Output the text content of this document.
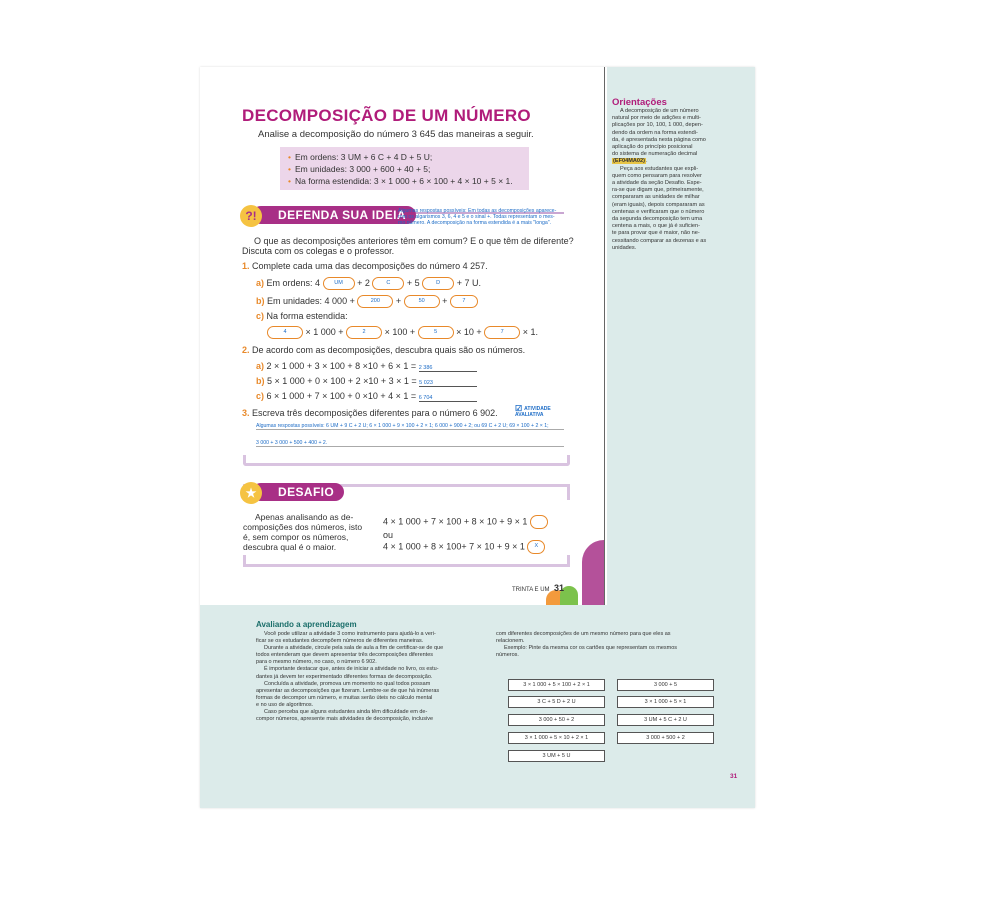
DECOMPOSIÇÃO DE UM NÚMERO
Analise a decomposição do número 3 645 das maneiras a seguir.
• Em ordens: 3 UM + 6 C + 4 D + 5 U;
• Em unidades: 3 000 + 600 + 40 + 5;
• Na forma estendida: 3 × 1 000 + 6 × 100 + 4 × 10 + 5 × 1.
DEFENDA SUA IDEIA
?!	Algumas respostas possíveis: Em todas as decomposições aparece-
rom os algarismos 3, 6, 4 e 5 e o sinal +. Todas representam o mes-
mo número. A decomposição na forma estendida é a mais "longa".
O que as decomposições anteriores têm em comum? E o que têm de diferente?
Discuta com os colegas e o professor.
1. Complete cada uma das decomposições do número 4 257.
a) Em ordens: 4	UM + 2	C + 5	D + 7 U.
b) Em unidades: 4 000 +	200 +	50 +	7
c) Na forma estendida:
4 × 1 000 +	2 × 100 +	5 × 10 +	7 × 1.
2. De acordo com as decomposições, descubra quais são os números.
a) 2 × 1 000 + 3 × 100 + 8 ×10 + 6 × 1 = 2 386
b) 5 × 1 000 + 0 × 100 + 2 ×10 + 3 × 1 = 5 023
c) 6 × 1 000 + 7 × 100 + 0 ×10 + 4 × 1 = 6 704
3. Escreva três decomposições diferentes para o número 6 902. ☑ ATIVIDADE AVALIATIVA
Algumas respostas possíveis: 6 UM + 9 C + 2 U; 6 × 1 000 + 9 × 100 + 2 × 1; 6 000 + 900 + 2; ou 69 C + 2 U; 69 × 100 + 2 × 1;
3 000 + 3 000 + 500 + 400 + 2.
DESAFIO
★
Apenas analisando as de-
composições dos números, isto
é, sem compor os números,
descubra qual é o maior.
4 × 1 000 + 7 × 100 + 8 × 10 + 9 × 1
ou
4 × 1 000 + 8 × 100+ 7 × 10 + 9 × 1 X
TRINTA E UM 31
Orientações
A decomposição de um número
natural por meio de adições e multi-
plicações por 10, 100, 1 000, depen-
dendo da ordem na forma estendi-
da, é apresentada nesta página como
aplicação do princípio posicional
do sistema de numeração decimal
(EF04MA02).
Peça aos estudantes que expli-
quem como pensaram para resolver
a atividade da seção Desafio. Espe-
ra-se que digam que, primeiramente,
compararam as unidades de milhar
(eram iguais), depois compararam as
centenas e verificaram que o número
da segunda decomposição tem uma
centena a mais, o que já é suficien-
te para provar que é maior, não ne-
cessitando comparar as dezenas e as
unidades.
Avaliando a aprendizagem
Você pode utilizar a atividade 3 como instrumento para ajudá-lo a veri-
ficar se os estudantes decompõem números de diferentes maneiras.
Durante a atividade, circule pela sala de aula a fim de certificar-se de que
todos entenderam que devem apresentar três decomposições diferentes
para o mesmo número, no caso, o número 6 902.
É importante destacar que, antes de iniciar a atividade no livro, os estu-
dantes já devem ter experimentado diferentes formas de decomposição.
Concluída a atividade, promova um momento no qual todos possam
apresentar as decomposições que fizeram. Lembre-se de que há inúmeras
formas de decompor um número, e muitas serão úteis no cálculo mental
e no uso de algoritmos.
Caso perceba que alguns estudantes ainda têm dificuldade em de-
compor números, apresente mais atividades de decomposição, inclusive
com diferentes decomposições de um mesmo número para que eles as
relacionem.
Exemplo: Pinte da mesma cor os cartões que representam os mesmos
números.
3 × 1 000 + 5 × 100 + 2 × 1	3 000 + 5
3 C + 5 D + 2 U	3 × 1 000 + 5 × 1
3 000 + 50 + 2	3 UM + 5 C + 2 U
3 × 1 000 + 5 × 10 + 2 × 1	3 000 + 500 + 2
3 UM + 5 U
31
